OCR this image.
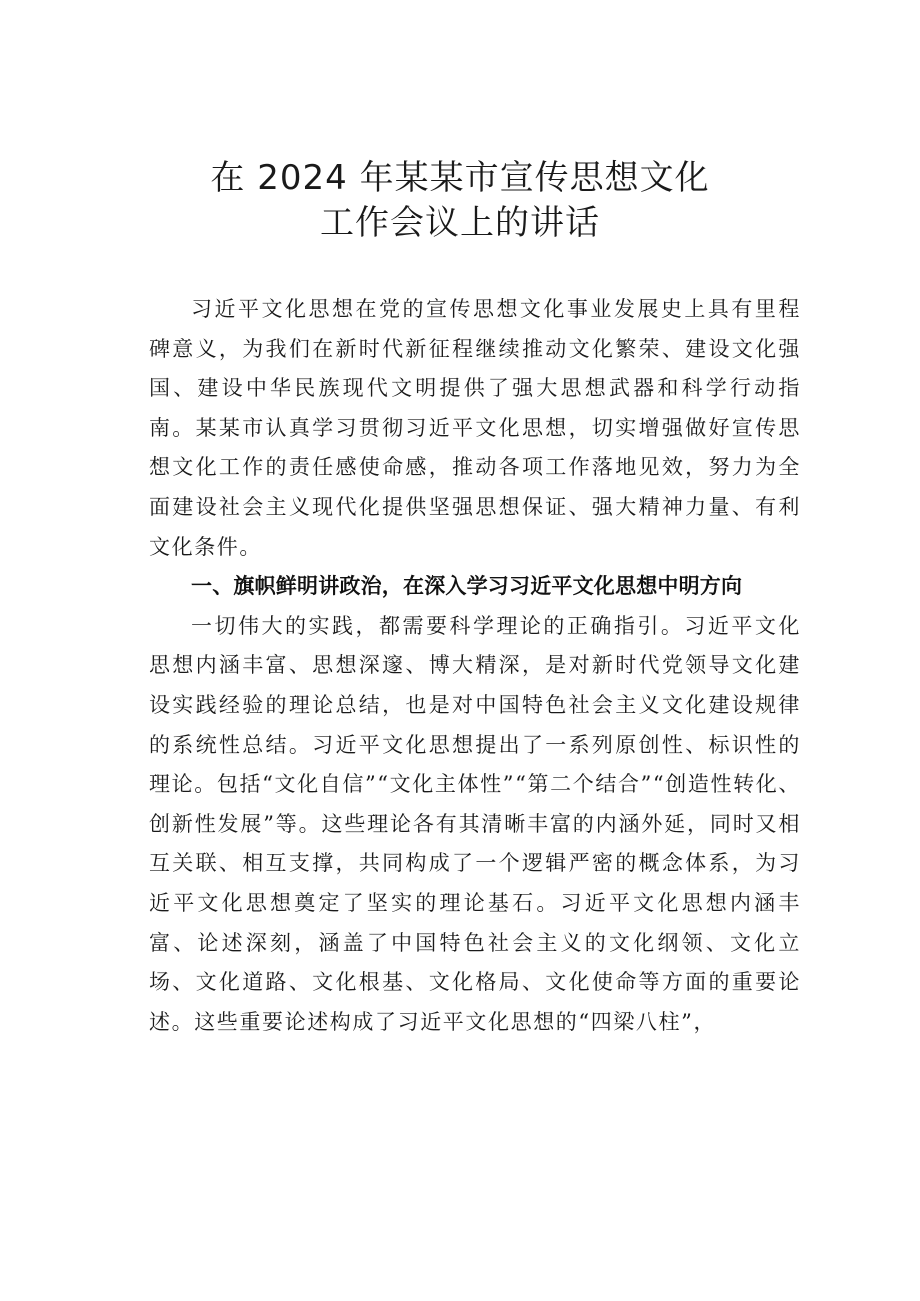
在 2024 年某某市宣传思想文化
工作会议上的讲话

习近平文化思想在党的宣传思想文化事业发展史上具有里程碑意义，为我们在新时代新征程继续推动文化繁荣、建设文化强国、建设中华民族现代文明提供了强大思想武器和科学行动指南。某某市认真学习贯彻习近平文化思想，切实增强做好宣传思想文化工作的责任感使命感，推动各项工作落地见效，努力为全面建设社会主义现代化提供坚强思想保证、强大精神力量、有利文化条件。

一、旗帜鲜明讲政治，在深入学习习近平文化思想中明方向

一切伟大的实践，都需要科学理论的正确指引。习近平文化思想内涵丰富、思想深邃、博大精深，是对新时代党领导文化建设实践经验的理论总结，也是对中国特色社会主义文化建设规律的系统性总结。习近平文化思想提出了一系列原创性、标识性的理论。包括“文化自信”“文化主体性”“第二个结合”“创造性转化、创新性发展”等。这些理论各有其清晰丰富的内涵外延，同时又相互关联、相互支撑，共同构成了一个逻辑严密的概念体系，为习近平文化思想奠定了坚实的理论基石。习近平文化思想内涵丰富、论述深刻，涵盖了中国特色社会主义的文化纲领、文化立场、文化道路、文化根基、文化格局、文化使命等方面的重要论述。这些重要论述构成了习近平文化思想的“四梁八柱”，
